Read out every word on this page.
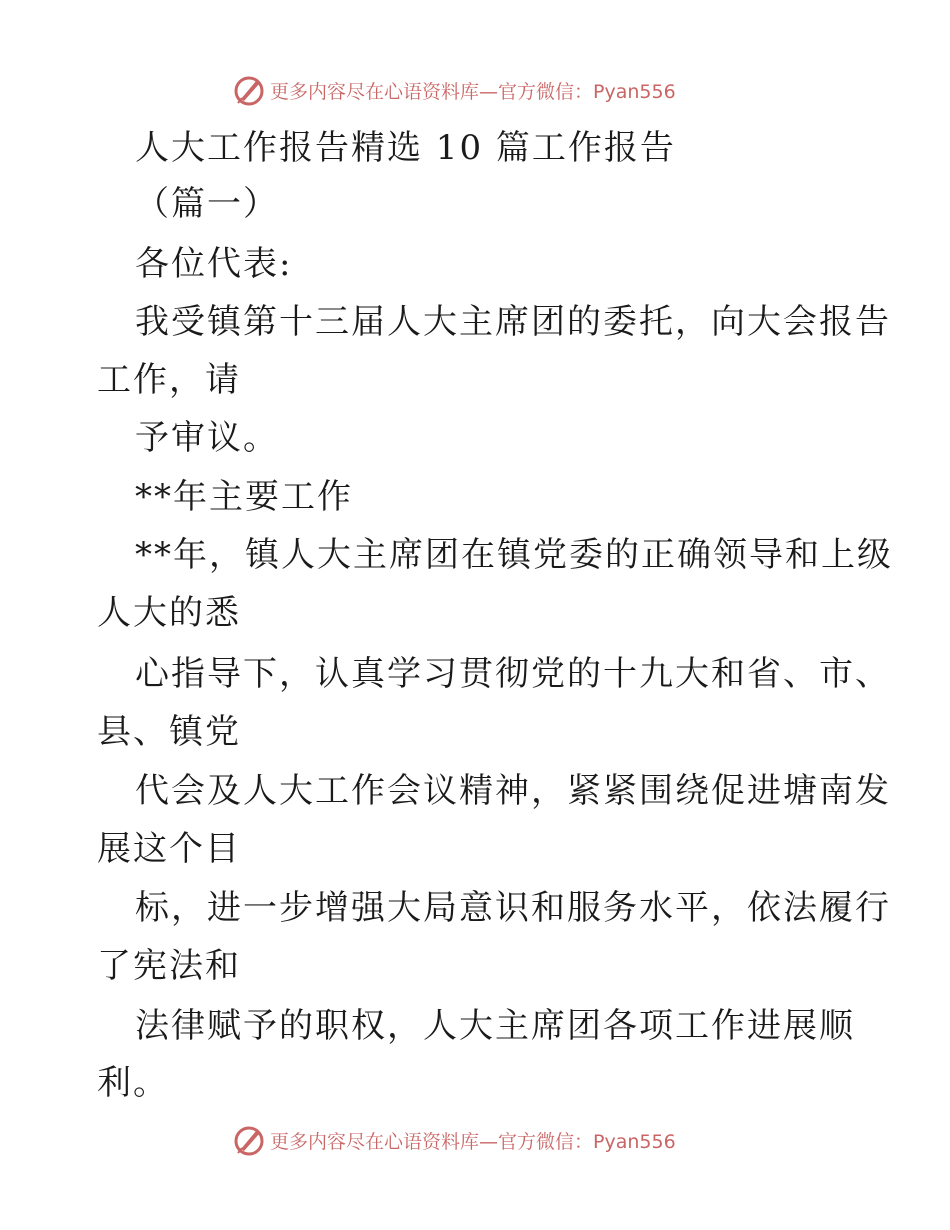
更多内容尽在心语资料库—官方微信：Pyan556
人大工作报告精选 10 篇工作报告
（篇一）
各位代表:
我受镇第十三届人大主席团的委托，向大会报告
工作，请
予审议。
**年主要工作
**年，镇人大主席团在镇党委的正确领导和上级
人大的悉
心指导下，认真学习贯彻党的十九大和省、市、
县、镇党
代会及人大工作会议精神，紧紧围绕促进塘南发
展这个目
标，进一步增强大局意识和服务水平，依法履行
了宪法和
法律赋予的职权，人大主席团各项工作进展顺
利。
更多内容尽在心语资料库—官方微信：Pyan556
